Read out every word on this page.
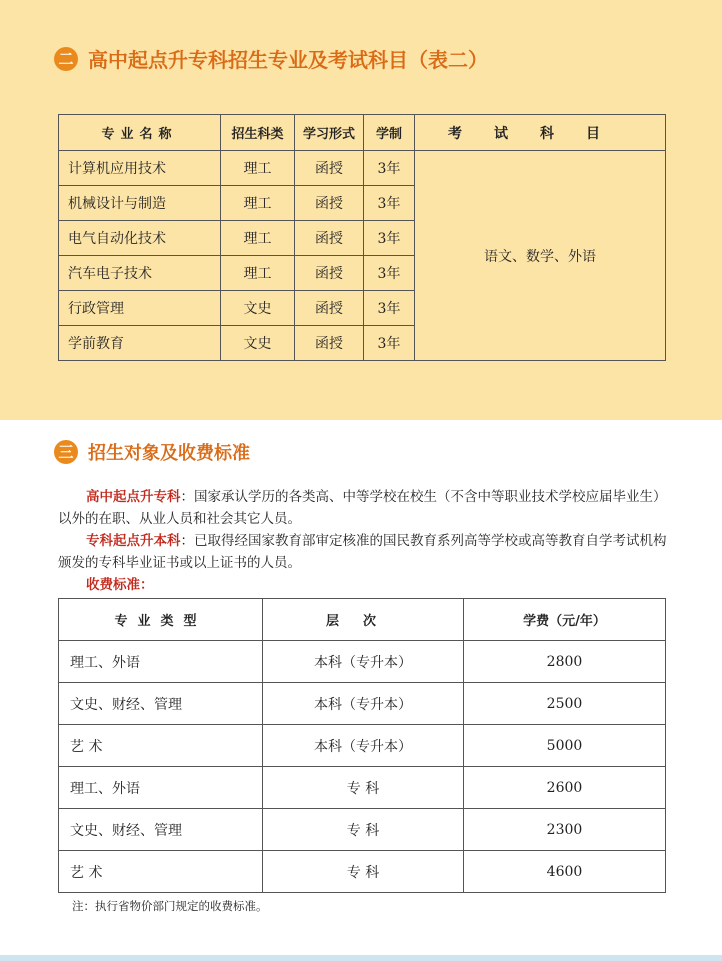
二 高中起点升专科招生专业及考试科目（表二）
专业名称	招生科类	学习形式	学制	考试科目
计算机应用技术	理工	函授	3年	语文、数学、外语
机械设计与制造	理工	函授	3年	
电气自动化技术	理工	函授	3年	
汽车电子技术	理工	函授	3年	
行政管理	文史	函授	3年	
学前教育	文史	函授	3年	
三 招生对象及收费标准
高中起点升专科：国家承认学历的各类高、中等学校在校生（不含中等职业技术学校应届毕业生）以外的在职、从业人员和社会其它人员。
专科起点升本科：已取得经国家教育部审定核准的国民教育系列高等学校或高等教育自学考试机构颁发的专科毕业证书或以上证书的人员。
收费标准：
专业类型	层次	学费（元/年）
理工、外语	本科（专升本）	2800
文史、财经、管理	本科（专升本）	2500
艺 术	本科（专升本）	5000
理工、外语	专 科	2600
文史、财经、管理	专 科	2300
艺 术	专 科	4600
注：执行省物价部门规定的收费标准。
